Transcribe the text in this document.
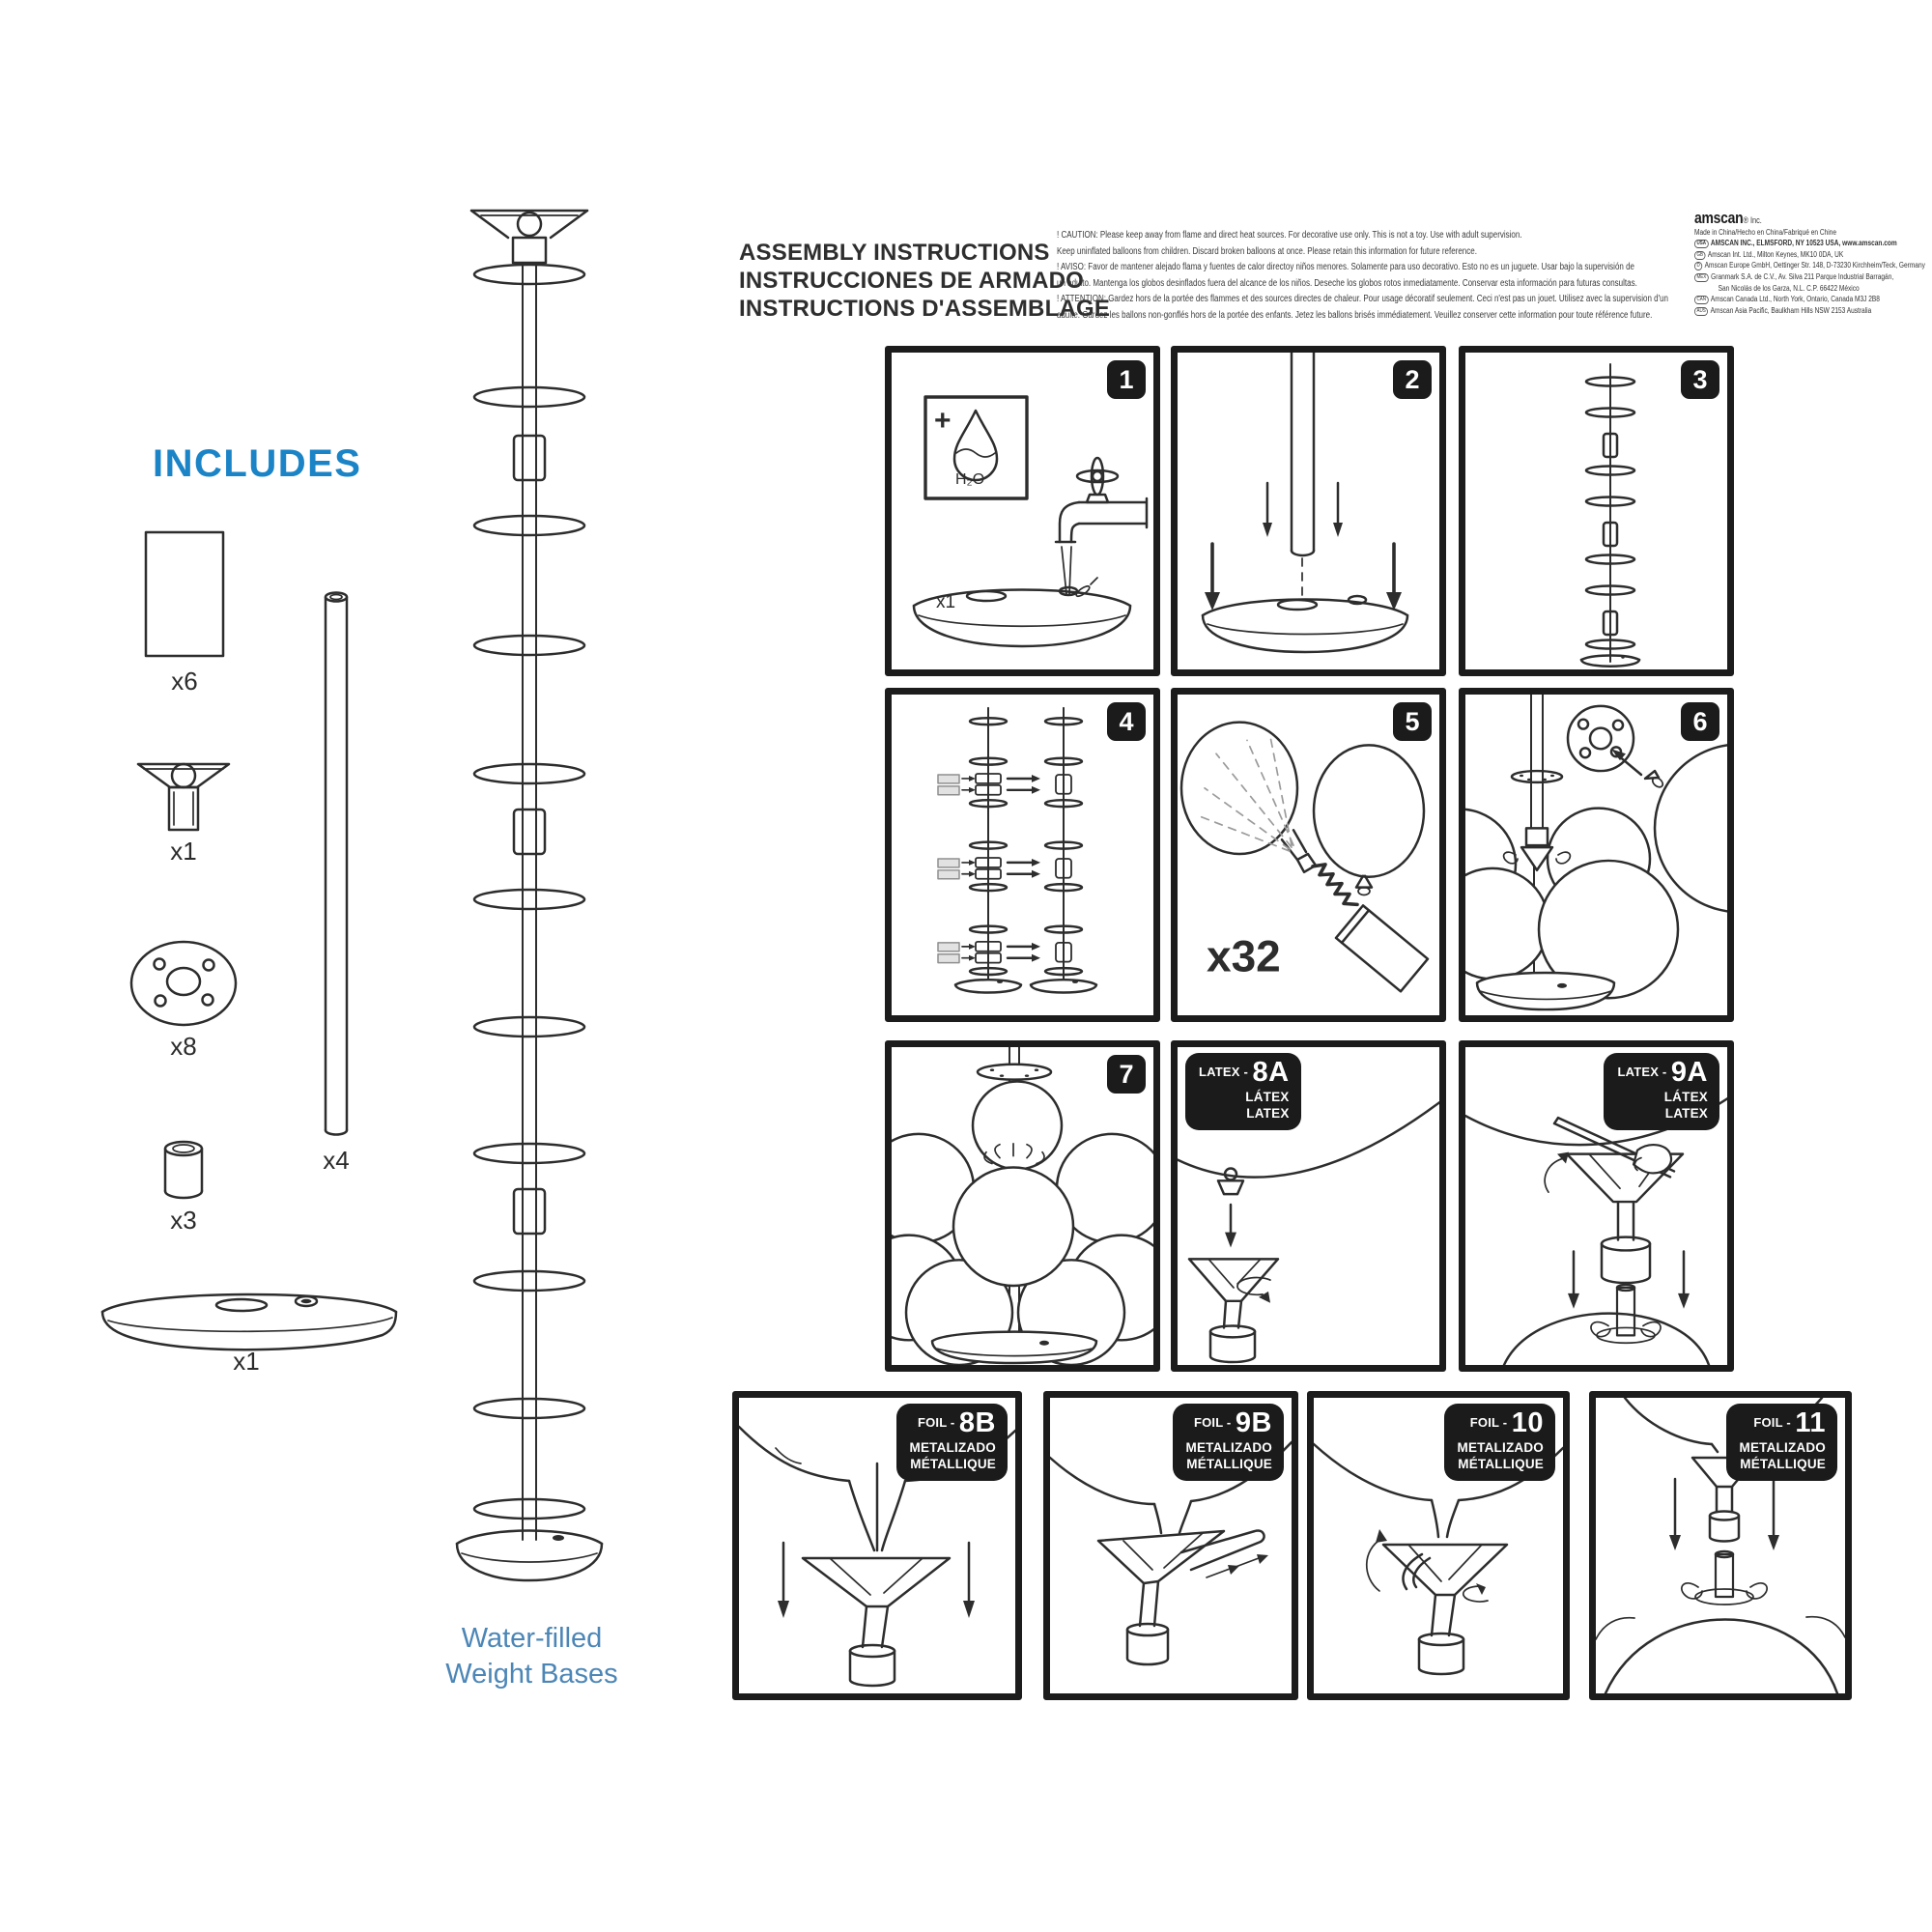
INCLUDES
x6
x1
x8
x4
x3
x1
Water-filled
Weight Bases
ASSEMBLY INSTRUCTIONS
INSTRUCCIONES DE ARMADO
INSTRUCTIONS D'ASSEMBLAGE
! CAUTION: Please keep away from flame and direct heat sources. For decorative use only. This is not a toy. Use with adult supervision.
Keep uninflated balloons from children. Discard broken balloons at once. Please retain this information for future reference.
! AVISO: Favor de mantener alejado flama y fuentes de calor directoy niños menores. Solamente para uso decorativo. Esto no es un juguete. Usar bajo la supervisión de
un adulto. Mantenga los globos desinflados fuera del alcance de los niños. Deseche los globos rotos inmediatamente. Conservar esta información para futuras consultas.
! ATTENTION: Gardez hors de la portée des flammes et des sources directes de chaleur. Pour usage décoratif seulement. Ceci n'est pas un jouet. Utilisez avec la supervision d'un
adulte. Gardez les ballons non-gonflés hors de la portée des enfants. Jetez les ballons brisés immédiatement. Veuillez conserver cette information pour toute référence future.
amscan® Inc.
Made in China/Hecho en China/Fabriqué en Chine
USA AMSCAN INC., ELMSFORD, NY 10523 USA, www.amscan.com
GB Amscan Int. Ltd., Milton Keynes, MK10 0DA, UK
D Amscan Europe GmbH, Oettinger Str. 148, D-73230 Kirchheim/Teck, Germany
MEX Granmark S.A. de C.V., Av. Silva 211 Parque Industrial Barragán,
San Nicolás de los Garza, N.L. C.P. 66422 México
CAN Amscan Canada Ltd., North York, Ontario, Canada M3J 2B8
AUS Amscan Asia Pacific, Baulkham Hills NSW 2153 Australia
1
+
H₂O
x1
2	3
4	5
x32
6
7	$^{LATEX -}$ 8A
LÁTEX
LATEX
$^{LATEX -}$ 9A
LÁTEX
LATEX
$^{FOIL -}$ 8B
METALIZADO
MÉTALLIQUE
$^{FOIL -}$ 9B
METALIZADO
MÉTALLIQUE
$^{FOIL -}$ 10
METALIZADO
MÉTALLIQUE
$^{FOIL -}$ 11
METALIZADO
MÉTALLIQUE
